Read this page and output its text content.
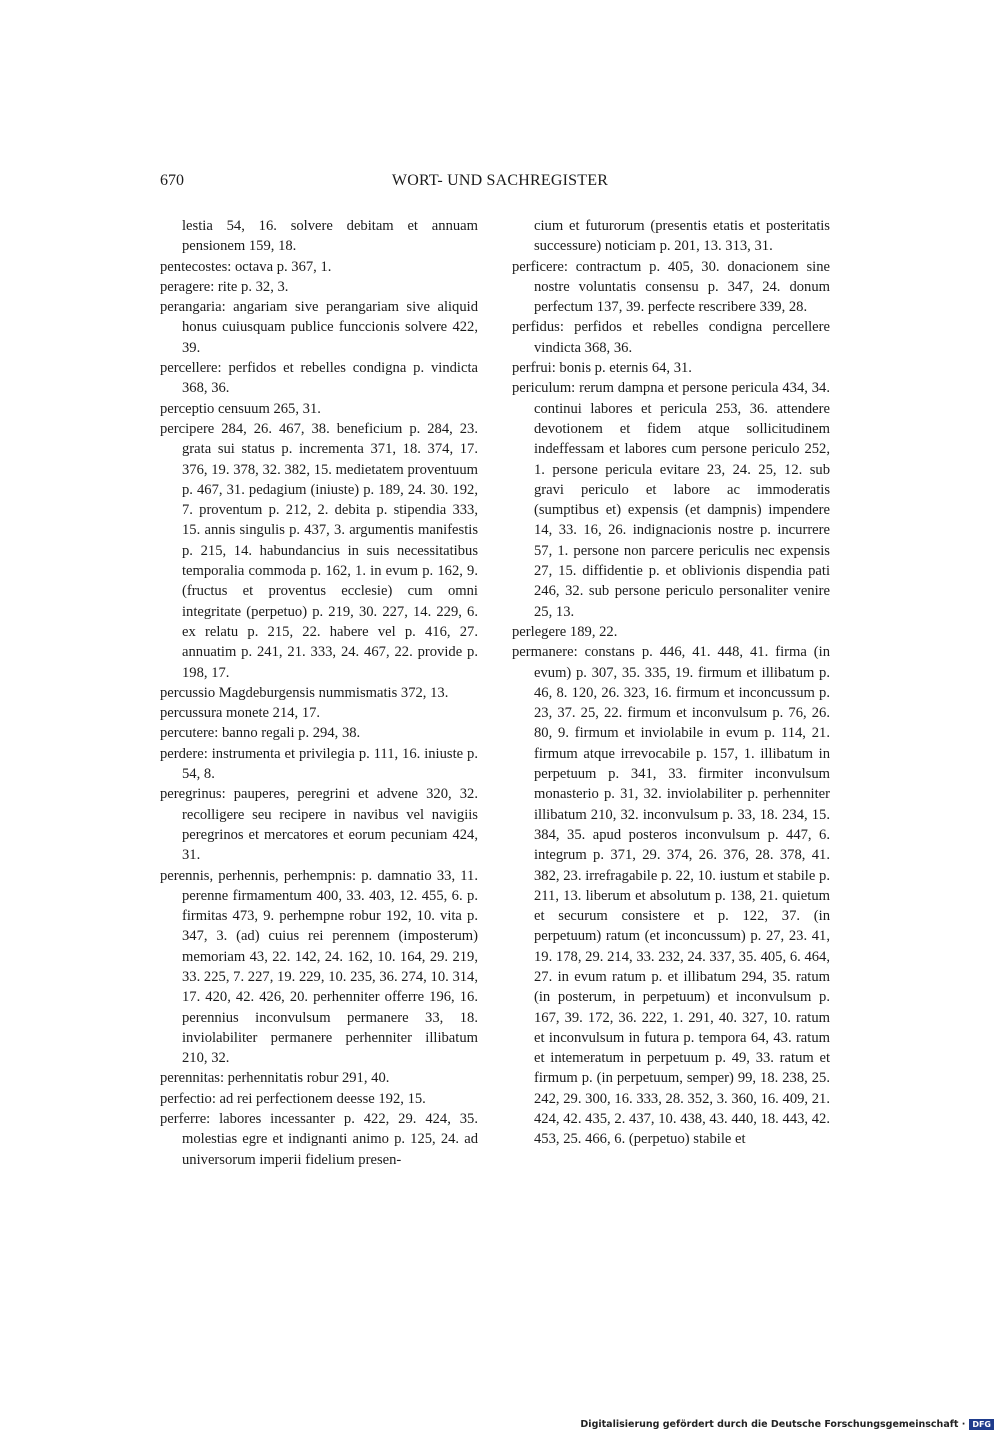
670	WORT- UND SACHREGISTER

lestia 54, 16. solvere debitam et annuam pensionem 159, 18.

pentecostes: octava p. 367, 1.

peragere: rite p. 32, 3.

perangaria: angariam sive perangariam sive aliquid honus cuiusquam publice funccionis solvere 422, 39.

percellere: perfidos et rebelles condigna p. vindicta 368, 36.

perceptio censuum 265, 31.

percipere 284, 26. 467, 38. beneficium p. 284, 23. grata sui status p. incrementa 371, 18. 374, 17. 376, 19. 378, 32. 382, 15. medietatem proventuum p. 467, 31. pedagium (iniuste) p. 189, 24. 30. 192, 7. proventum p. 212, 2. debita p. stipendia 333, 15. annis singulis p. 437, 3. argumentis manifestis p. 215, 14. habundancius in suis necessitatibus temporalia commoda p. 162, 1. in evum p. 162, 9. (fructus et proventus ecclesie) cum omni integritate (perpetuo) p. 219, 30. 227, 14. 229, 6. ex relatu p. 215, 22. habere vel p. 416, 27. annuatim p. 241, 21. 333, 24. 467, 22. provide p. 198, 17.

percussio Magdeburgensis nummismatis 372, 13.

percussura monete 214, 17.

percutere: banno regali p. 294, 38.

perdere: instrumenta et privilegia p. 111, 16. iniuste p. 54, 8.

peregrinus: pauperes, peregrini et advene 320, 32. recolligere seu recipere in navibus vel navigiis peregrinos et mercatores et eorum pecuniam 424, 31.

perennis, perhennis, perhempnis: p. damnatio 33, 11. perenne firmamentum 400, 33. 403, 12. 455, 6. p. firmitas 473, 9. perhempne robur 192, 10. vita p. 347, 3. (ad) cuius rei perennem (imposterum) memoriam 43, 22. 142, 24. 162, 10. 164, 29. 219, 33. 225, 7. 227, 19. 229, 10. 235, 36. 274, 10. 314, 17. 420, 42. 426, 20. perhenniter offerre 196, 16. perennius inconvulsum permanere 33, 18. inviolabiliter permanere perhenniter illibatum 210, 32.

perennitas: perhennitatis robur 291, 40.

perfectio: ad rei perfectionem deesse 192, 15.

perferre: labores incessanter p. 422, 29. 424, 35. molestias egre et indignanti animo p. 125, 24. ad universorum imperii fidelium presen-

cium et futurorum (presentis etatis et posteritatis successure) noticiam p. 201, 13. 313, 31.

perficere: contractum p. 405, 30. donacionem sine nostre voluntatis consensu p. 347, 24. donum perfectum 137, 39. perfecte rescribere 339, 28.

perfidus: perfidos et rebelles condigna percellere vindicta 368, 36.

perfrui: bonis p. eternis 64, 31.

periculum: rerum dampna et persone pericula 434, 34. continui labores et pericula 253, 36. attendere devotionem et fidem atque sollicitudinem indeffessam et labores cum persone periculo 252, 1. persone pericula evitare 23, 24. 25, 12. sub gravi periculo et labore ac immoderatis (sumptibus et) expensis (et dampnis) impendere 14, 33. 16, 26. indignacionis nostre p. incurrere 57, 1. persone non parcere periculis nec expensis 27, 15. diffidentie p. et oblivionis dispendia pati 246, 32. sub persone periculo personaliter venire 25, 13.

perlegere 189, 22.

permanere: constans p. 446, 41. 448, 41. firma (in evum) p. 307, 35. 335, 19. firmum et illibatum p. 46, 8. 120, 26. 323, 16. firmum et inconcussum p. 23, 37. 25, 22. firmum et inconvulsum p. 76, 26. 80, 9. firmum et inviolabile in evum p. 114, 21. firmum atque irrevocabile p. 157, 1. illibatum in perpetuum p. 341, 33. firmiter inconvulsum monasterio p. 31, 32. inviolabiliter p. perhenniter illibatum 210, 32. inconvulsum p. 33, 18. 234, 15. 384, 35. apud posteros inconvulsum p. 447, 6. integrum p. 371, 29. 374, 26. 376, 28. 378, 41. 382, 23. irrefragabile p. 22, 10. iustum et stabile p. 211, 13. liberum et absolutum p. 138, 21. quietum et securum consistere et p. 122, 37. (in perpetuum) ratum (et inconcussum) p. 27, 23. 41, 19. 178, 29. 214, 33. 232, 24. 337, 35. 405, 6. 464, 27. in evum ratum p. et illibatum 294, 35. ratum (in posterum, in perpetuum) et inconvulsum p. 167, 39. 172, 36. 222, 1. 291, 40. 327, 10. ratum et inconvulsum in futura p. tempora 64, 43. ratum et intemeratum in perpetuum p. 49, 33. ratum et firmum p. (in perpetuum, semper) 99, 18. 238, 25. 242, 29. 300, 16. 333, 28. 352, 3. 360, 16. 409, 21. 424, 42. 435, 2. 437, 10. 438, 43. 440, 18. 443, 42. 453, 25. 466, 6. (perpetuo) stabile et

Digitalisierung gefördert durch die Deutsche Forschungsgemeinschaft · DFG
